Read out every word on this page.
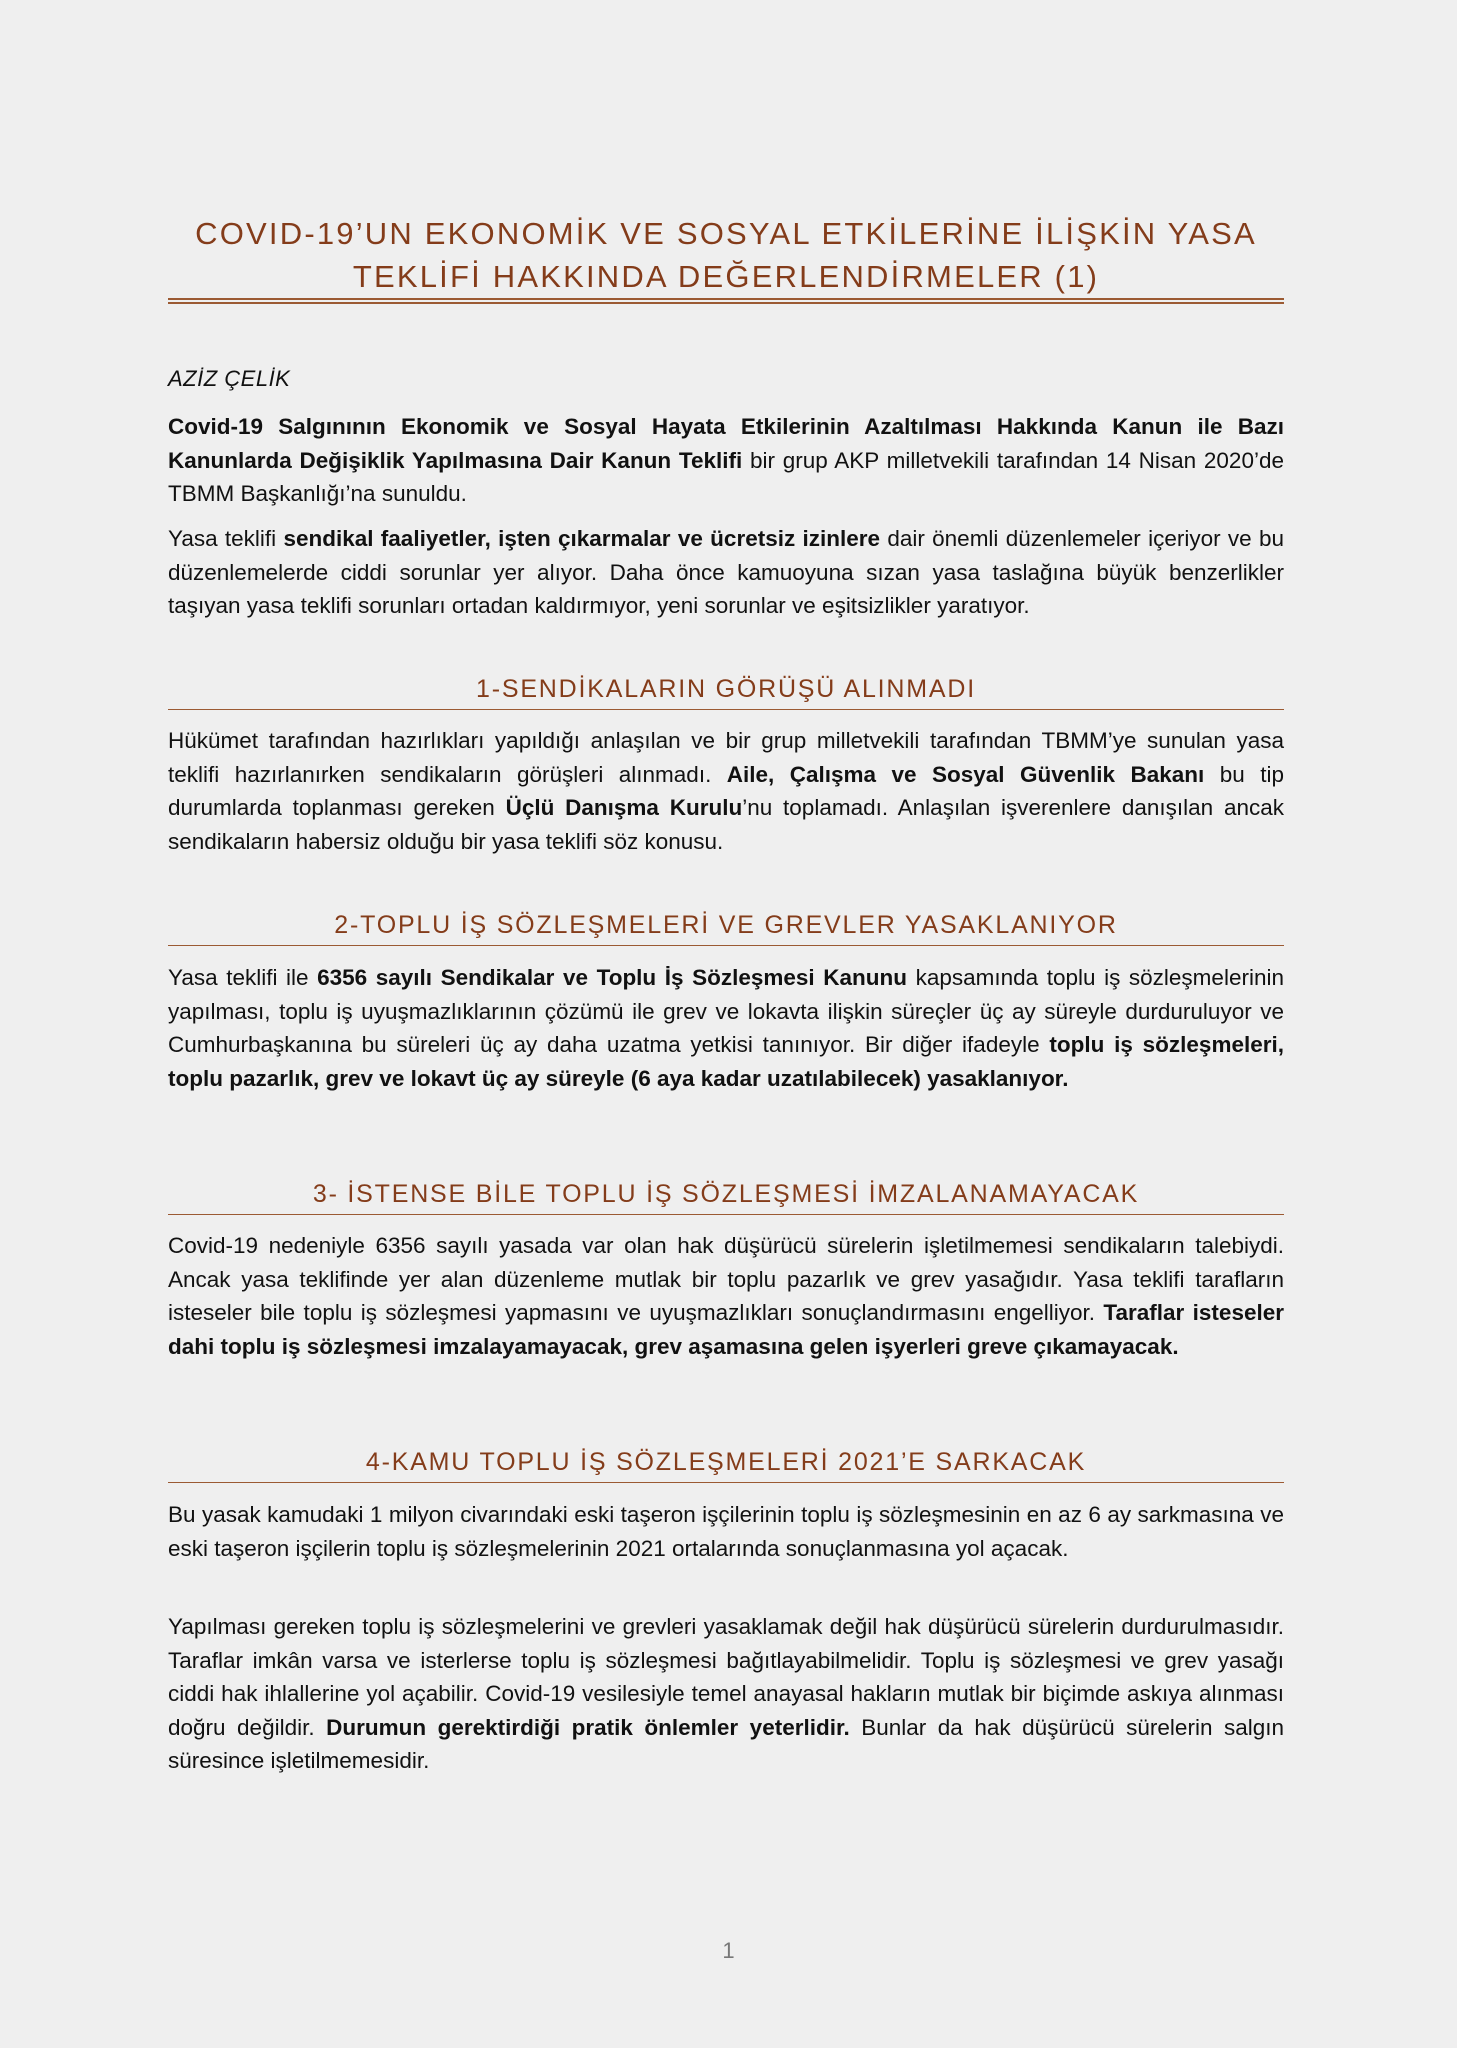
COVID-19’UN EKONOMİK VE SOSYAL ETKİLERİNE İLİŞKİN YASA
TEKLİFİ HAKKINDA DEĞERLENDİRMELER (1)

AZİZ ÇELİK

Covid-19 Salgınının Ekonomik ve Sosyal Hayata Etkilerinin Azaltılması Hakkında Kanun ile Bazı Kanunlarda Değişiklik Yapılmasına Dair Kanun Teklifi bir grup AKP milletvekili tarafından 14 Nisan 2020’de TBMM Başkanlığı’na sunuldu.

Yasa teklifi sendikal faaliyetler, işten çıkarmalar ve ücretsiz izinlere dair önemli düzenlemeler içeriyor ve bu düzenlemelerde ciddi sorunlar yer alıyor. Daha önce kamuoyuna sızan yasa taslağına büyük benzerlikler taşıyan yasa teklifi sorunları ortadan kaldırmıyor, yeni sorunlar ve eşitsizlikler yaratıyor.

1-SENDİKALARIN GÖRÜŞÜ ALINMADI

Hükümet tarafından hazırlıkları yapıldığı anlaşılan ve bir grup milletvekili tarafından TBMM’ye sunulan yasa teklifi hazırlanırken sendikaların görüşleri alınmadı. Aile, Çalışma ve Sosyal Güvenlik Bakanı bu tip durumlarda toplanması gereken Üçlü Danışma Kurulu’nu toplamadı. Anlaşılan işverenlere danışılan ancak sendikaların habersiz olduğu bir yasa teklifi söz konusu.

2-TOPLU İŞ SÖZLEŞMELERİ VE GREVLER YASAKLANIYOR

Yasa teklifi ile 6356 sayılı Sendikalar ve Toplu İş Sözleşmesi Kanunu kapsamında toplu iş sözleşmelerinin yapılması, toplu iş uyuşmazlıklarının çözümü ile grev ve lokavta ilişkin süreçler üç ay süreyle durduruluyor ve Cumhurbaşkanına bu süreleri üç ay daha uzatma yetkisi tanınıyor. Bir diğer ifadeyle toplu iş sözleşmeleri, toplu pazarlık, grev ve lokavt üç ay süreyle (6 aya kadar uzatılabilecek) yasaklanıyor.

3- İSTENSE BİLE TOPLU İŞ SÖZLEŞMESİ İMZALANAMAYACAK

Covid-19 nedeniyle 6356 sayılı yasada var olan hak düşürücü sürelerin işletilmemesi sendikaların talebiydi. Ancak yasa teklifinde yer alan düzenleme mutlak bir toplu pazarlık ve grev yasağıdır. Yasa teklifi tarafların isteseler bile toplu iş sözleşmesi yapmasını ve uyuşmazlıkları sonuçlandırmasını engelliyor. Taraflar isteseler dahi toplu iş sözleşmesi imzalayamayacak, grev aşamasına gelen işyerleri greve çıkamayacak.

4-KAMU TOPLU İŞ SÖZLEŞMELERİ 2021’E SARKACAK

Bu yasak kamudaki 1 milyon civarındaki eski taşeron işçilerinin toplu iş sözleşmesinin en az 6 ay sarkmasına ve eski taşeron işçilerin toplu iş sözleşmelerinin 2021 ortalarında sonuçlanmasına yol açacak.

Yapılması gereken toplu iş sözleşmelerini ve grevleri yasaklamak değil hak düşürücü sürelerin durdurulmasıdır. Taraflar imkân varsa ve isterlerse toplu iş sözleşmesi bağıtlayabilmelidir. Toplu iş sözleşmesi ve grev yasağı ciddi hak ihlallerine yol açabilir. Covid-19 vesilesiyle temel anayasal hakların mutlak bir biçimde askıya alınması doğru değildir. Durumun gerektirdiği pratik önlemler yeterlidir. Bunlar da hak düşürücü sürelerin salgın süresince işletilmemesidir.

1
